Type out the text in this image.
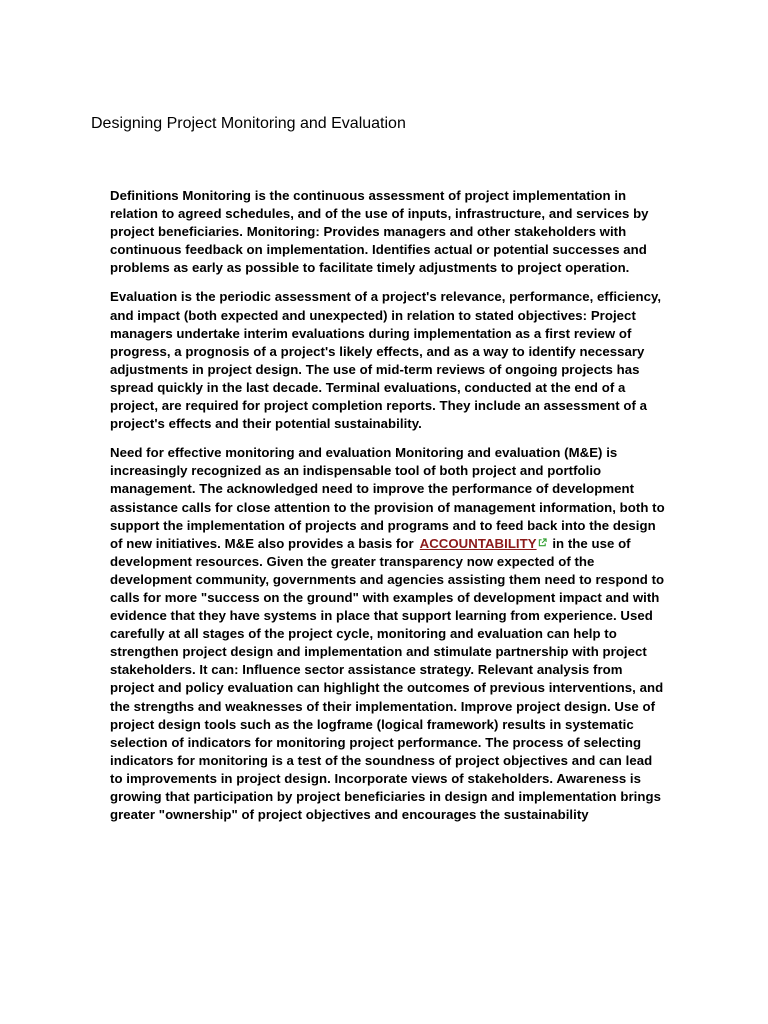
Designing Project Monitoring and Evaluation

Definitions Monitoring is the continuous assessment of project implementation in relation to agreed schedules, and of the use of inputs, infrastructure, and services by project beneficiaries. Monitoring: Provides managers and other stakeholders with continuous feedback on implementation. Identifies actual or potential successes and problems as early as possible to facilitate timely adjustments to project operation.

Evaluation is the periodic assessment of a project's relevance, performance, efficiency, and impact (both expected and unexpected) in relation to stated objectives: Project managers undertake interim evaluations during implementation as a first review of progress, a prognosis of a project's likely effects, and as a way to identify necessary adjustments in project design. The use of mid-term reviews of ongoing projects has spread quickly in the last decade. Terminal evaluations, conducted at the end of a project, are required for project completion reports. They include an assessment of a project's effects and their potential sustainability.

Need for effective monitoring and evaluation Monitoring and evaluation (M&E) is increasingly recognized as an indispensable tool of both project and portfolio management. The acknowledged need to improve the performance of development assistance calls for close attention to the provision of management information, both to support the implementation of projects and programs and to feed back into the design of new initiatives. M&E also provides a basis for ACCOUNTABILITY in the use of development resources. Given the greater transparency now expected of the development community, governments and agencies assisting them need to respond to calls for more "success on the ground" with examples of development impact and with evidence that they have systems in place that support learning from experience. Used carefully at all stages of the project cycle, monitoring and evaluation can help to strengthen project design and implementation and stimulate partnership with project stakeholders. It can: Influence sector assistance strategy. Relevant analysis from project and policy evaluation can highlight the outcomes of previous interventions, and the strengths and weaknesses of their implementation. Improve project design. Use of project design tools such as the logframe (logical framework) results in systematic selection of indicators for monitoring project performance. The process of selecting indicators for monitoring is a test of the soundness of project objectives and can lead to improvements in project design. Incorporate views of stakeholders. Awareness is growing that participation by project beneficiaries in design and implementation brings greater "ownership" of project objectives and encourages the sustainability
